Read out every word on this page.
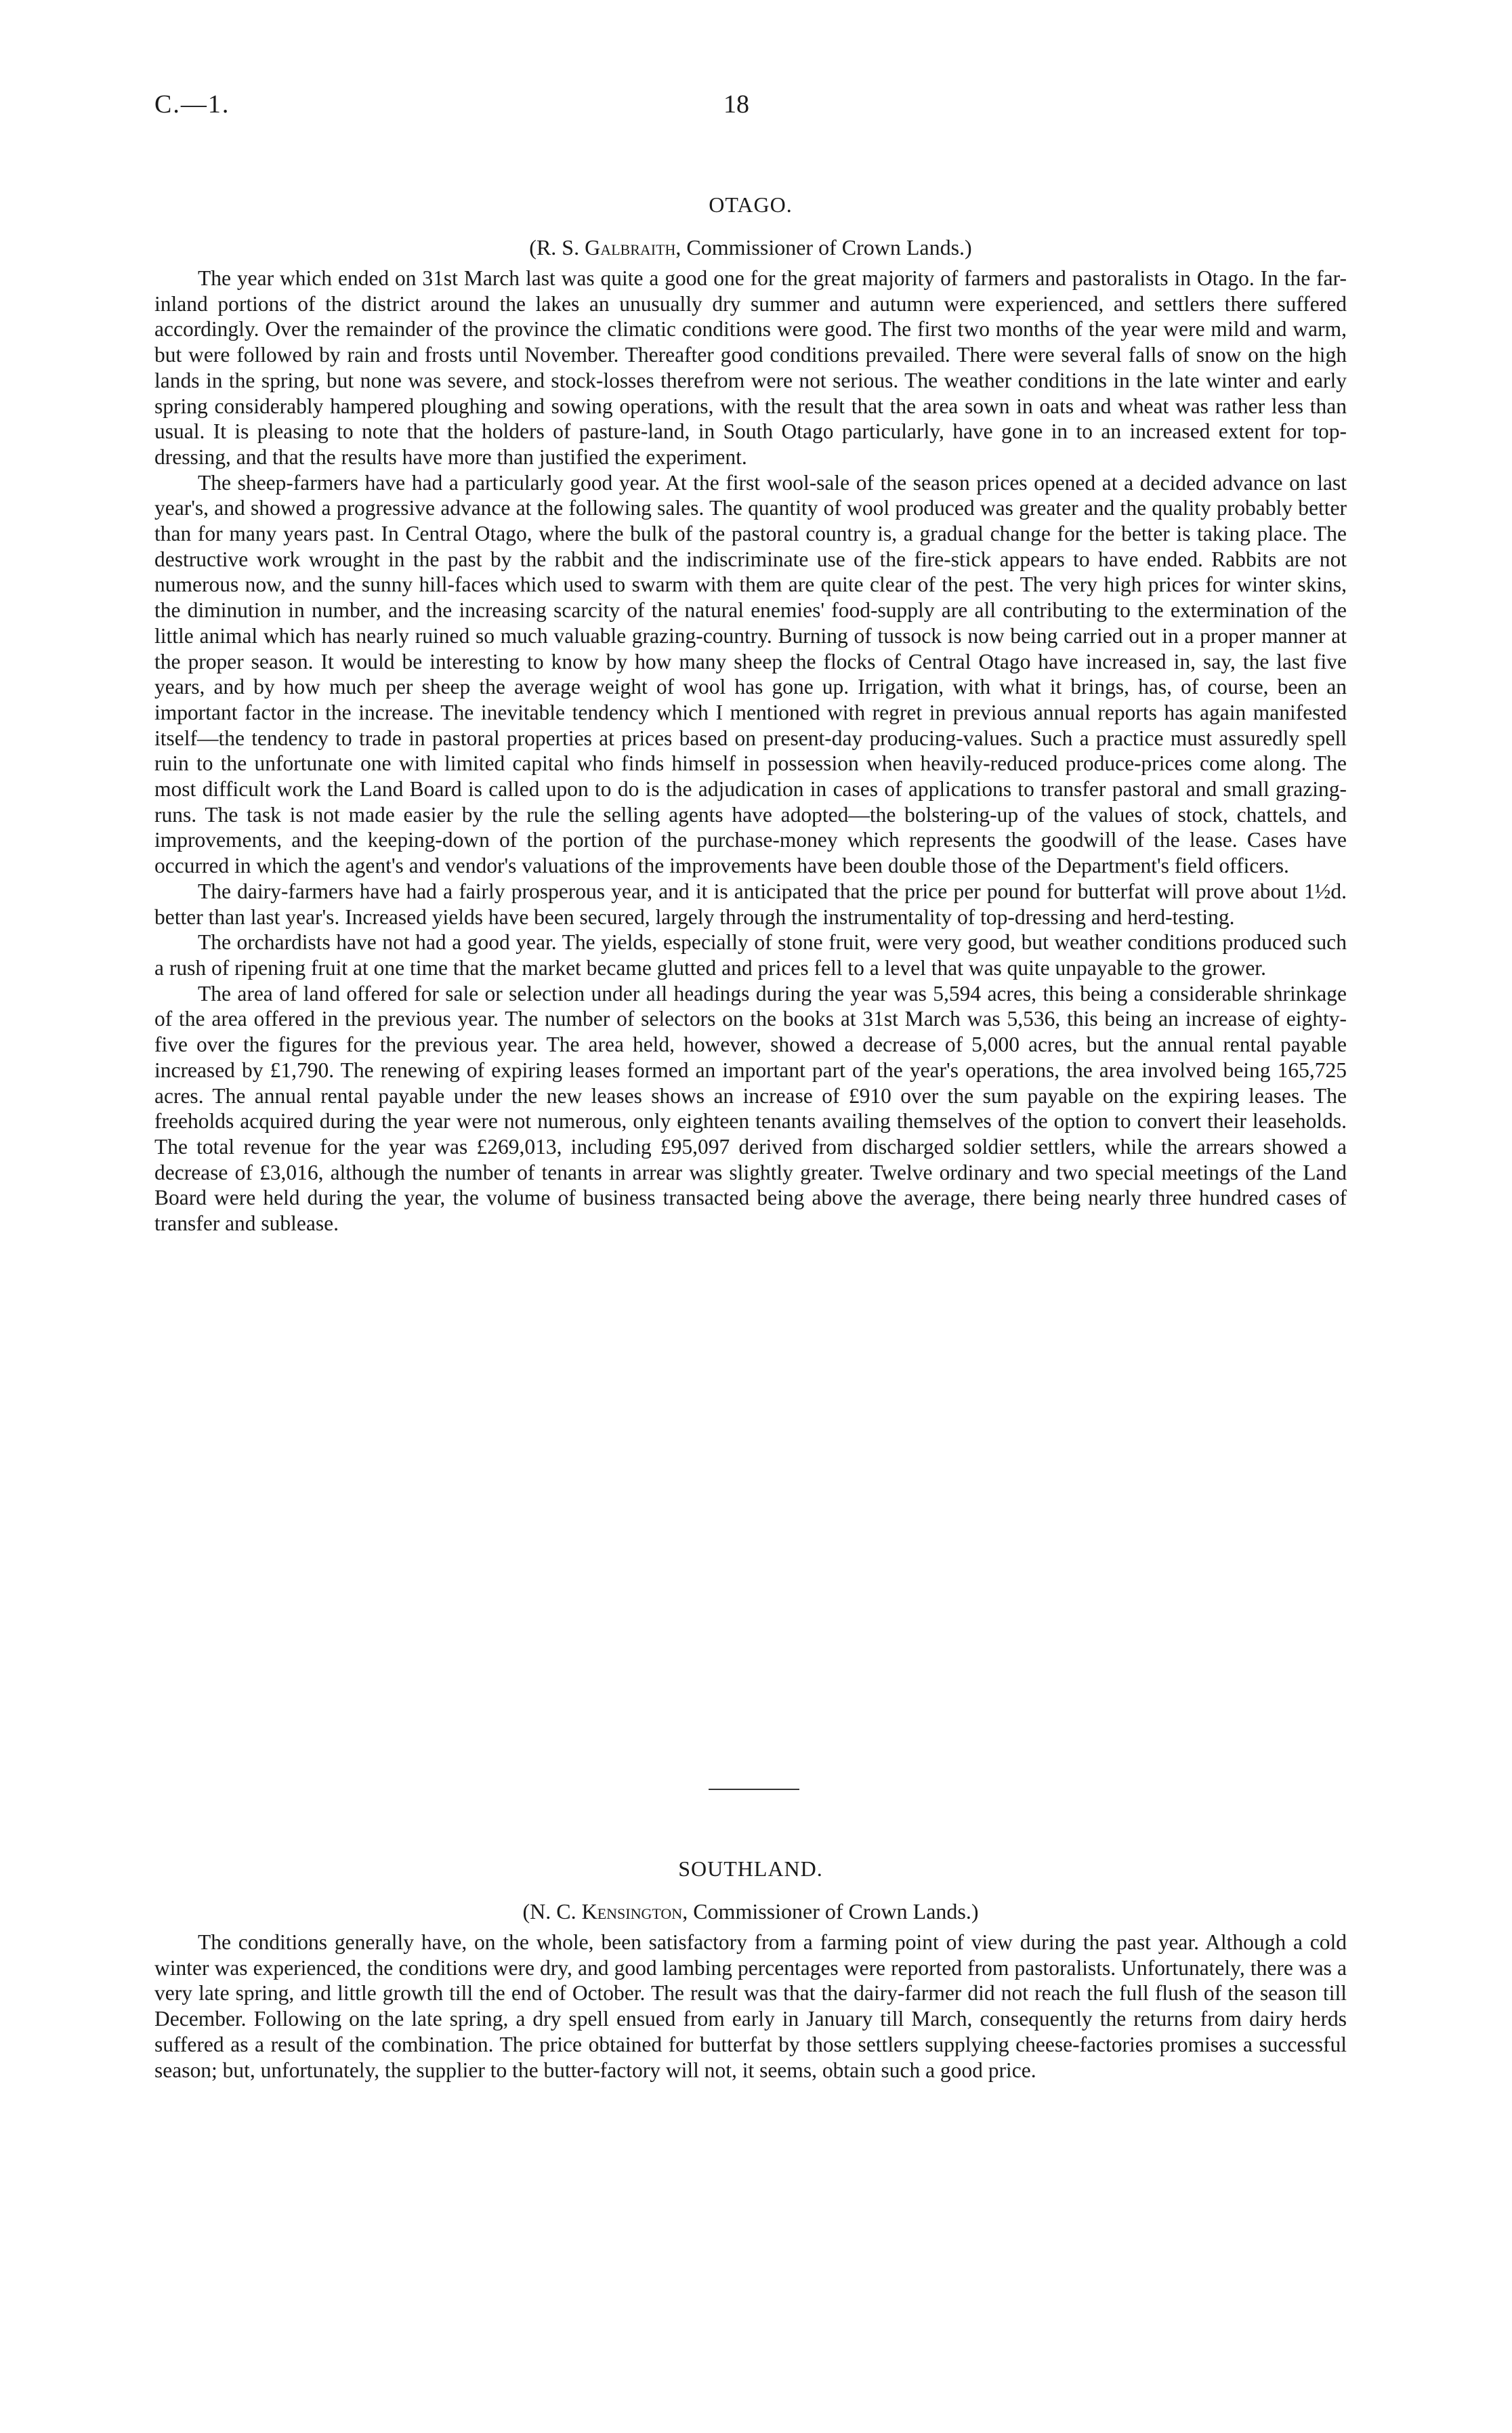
C.—1.	18
OTAGO.
(R. S. Galbraith, Commissioner of Crown Lands.)

The year which ended on 31st March last was quite a good one for the great majority of farmers and pastoralists in Otago. In the far-inland portions of the district around the lakes an unusually dry summer and autumn were experienced, and settlers there suffered accordingly. Over the remainder of the province the climatic conditions were good. The first two months of the year were mild and warm, but were followed by rain and frosts until November. Thereafter good conditions prevailed. There were several falls of snow on the high lands in the spring, but none was severe, and stock-losses therefrom were not serious. The weather conditions in the late winter and early spring considerably hampered ploughing and sowing operations, with the result that the area sown in oats and wheat was rather less than usual. It is pleasing to note that the holders of pasture-land, in South Otago particularly, have gone in to an increased extent for top-dressing, and that the results have more than justified the experiment.

The sheep-farmers have had a particularly good year. At the first wool-sale of the season prices opened at a decided advance on last year's, and showed a progressive advance at the following sales. The quantity of wool produced was greater and the quality probably better than for many years past. In Central Otago, where the bulk of the pastoral country is, a gradual change for the better is taking place. The destructive work wrought in the past by the rabbit and the indiscriminate use of the fire-stick appears to have ended. Rabbits are not numerous now, and the sunny hill-faces which used to swarm with them are quite clear of the pest. The very high prices for winter skins, the diminution in number, and the increasing scarcity of the natural enemies' food-supply are all contributing to the extermination of the little animal which has nearly ruined so much valuable grazing-country. Burning of tussock is now being carried out in a proper manner at the proper season. It would be interesting to know by how many sheep the flocks of Central Otago have increased in, say, the last five years, and by how much per sheep the average weight of wool has gone up. Irrigation, with what it brings, has, of course, been an important factor in the increase. The inevitable tendency which I mentioned with regret in previous annual reports has again manifested itself—the tendency to trade in pastoral properties at prices based on present-day producing-values. Such a practice must assuredly spell ruin to the unfortunate one with limited capital who finds himself in possession when heavily-reduced produce-prices come along. The most difficult work the Land Board is called upon to do is the adjudication in cases of applications to transfer pastoral and small grazing-runs. The task is not made easier by the rule the selling agents have adopted—the bolstering-up of the values of stock, chattels, and improvements, and the keeping-down of the portion of the purchase-money which represents the goodwill of the lease. Cases have occurred in which the agent's and vendor's valuations of the improvements have been double those of the Department's field officers.

The dairy-farmers have had a fairly prosperous year, and it is anticipated that the price per pound for butterfat will prove about 1½d. better than last year's. Increased yields have been secured, largely through the instrumentality of top-dressing and herd-testing.

The orchardists have not had a good year. The yields, especially of stone fruit, were very good, but weather conditions produced such a rush of ripening fruit at one time that the market became glutted and prices fell to a level that was quite unpayable to the grower.

The area of land offered for sale or selection under all headings during the year was 5,594 acres, this being a considerable shrinkage of the area offered in the previous year. The number of selectors on the books at 31st March was 5,536, this being an increase of eighty-five over the figures for the previous year. The area held, however, showed a decrease of 5,000 acres, but the annual rental payable increased by £1,790. The renewing of expiring leases formed an important part of the year's operations, the area involved being 165,725 acres. The annual rental payable under the new leases shows an increase of £910 over the sum payable on the expiring leases. The freeholds acquired during the year were not numerous, only eighteen tenants availing themselves of the option to convert their leaseholds. The total revenue for the year was £269,013, including £95,097 derived from discharged soldier settlers, while the arrears showed a decrease of £3,016, although the number of tenants in arrear was slightly greater. Twelve ordinary and two special meetings of the Land Board were held during the year, the volume of business transacted being above the average, there being nearly three hundred cases of transfer and sublease.

SOUTHLAND.
(N. C. Kensington, Commissioner of Crown Lands.)

The conditions generally have, on the whole, been satisfactory from a farming point of view during the past year. Although a cold winter was experienced, the conditions were dry, and good lambing percentages were reported from pastoralists. Unfortunately, there was a very late spring, and little growth till the end of October. The result was that the dairy-farmer did not reach the full flush of the season till December. Following on the late spring, a dry spell ensued from early in January till March, consequently the returns from dairy herds suffered as a result of the combination. The price obtained for butterfat by those settlers supplying cheese-factories promises a successful season; but, unfortunately, the supplier to the butter-factory will not, it seems, obtain such a good price.
